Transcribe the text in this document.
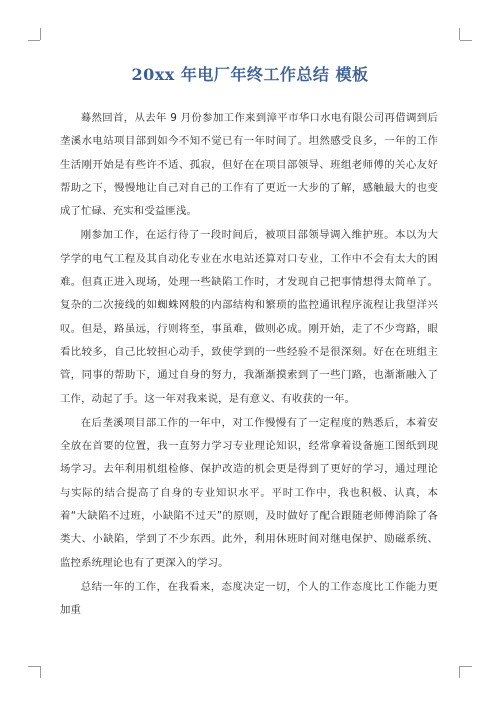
20xx 年电厂年终工作总结 模板

蓦然回首，从去年 9 月份参加工作来到漳平市华口水电有限公司再借调到后垄溪水电站项目部到如今不知不觉已有一年时间了。坦然感受良多，一年的工作生活刚开始是有些许不适、孤寂，但好在在项目部领导、班组老师傅的关心友好帮助之下，慢慢地让自己对自己的工作有了更近一大步的了解，感触最大的也变成了忙碌、充实和受益匪浅。

刚参加工作，在运行待了一段时间后，被项目部领导调入维护班。本以为大学学的电气工程及其自动化专业在水电站还算对口专业，工作中不会有太大的困难。但真正进入现场，处理一些缺陷工作时，才发现自己把事情想得太简单了。复杂的二次接线的如蜘蛛网般的内部结构和繁琐的监控通讯程序流程让我望洋兴叹。但是，路虽远，行则将至，事虽难，做则必成。刚开始，走了不少弯路，眼看比较多，自己比较担心动手，致使学到的一些经验不是很深刻。好在在班组主管，同事的帮助下，通过自身的努力，我渐渐摸索到了一些门路，也渐渐融入了工作，动起了手。这一年对我来说，是有意义、有收获的一年。

在后垄溪项目部工作的一年中，对工作慢慢有了一定程度的熟悉后，本着安全放在首要的位置，我一直努力学习专业理论知识，经常拿着设备施工图纸到现场学习。去年利用机组检修、保护改造的机会更是得到了更好的学习，通过理论与实际的结合提高了自身的专业知识水平。平时工作中，我也积极、认真，本着“大缺陷不过班，小缺陷不过天”的原则，及时做好了配合跟随老师傅消除了各类大、小缺陷，学到了不少东西。此外，利用休班时间对继电保护、励磁系统、监控系统理论也有了更深入的学习。

总结一年的工作，在我看来，态度决定一切，个人的工作态度比工作能力更加重
